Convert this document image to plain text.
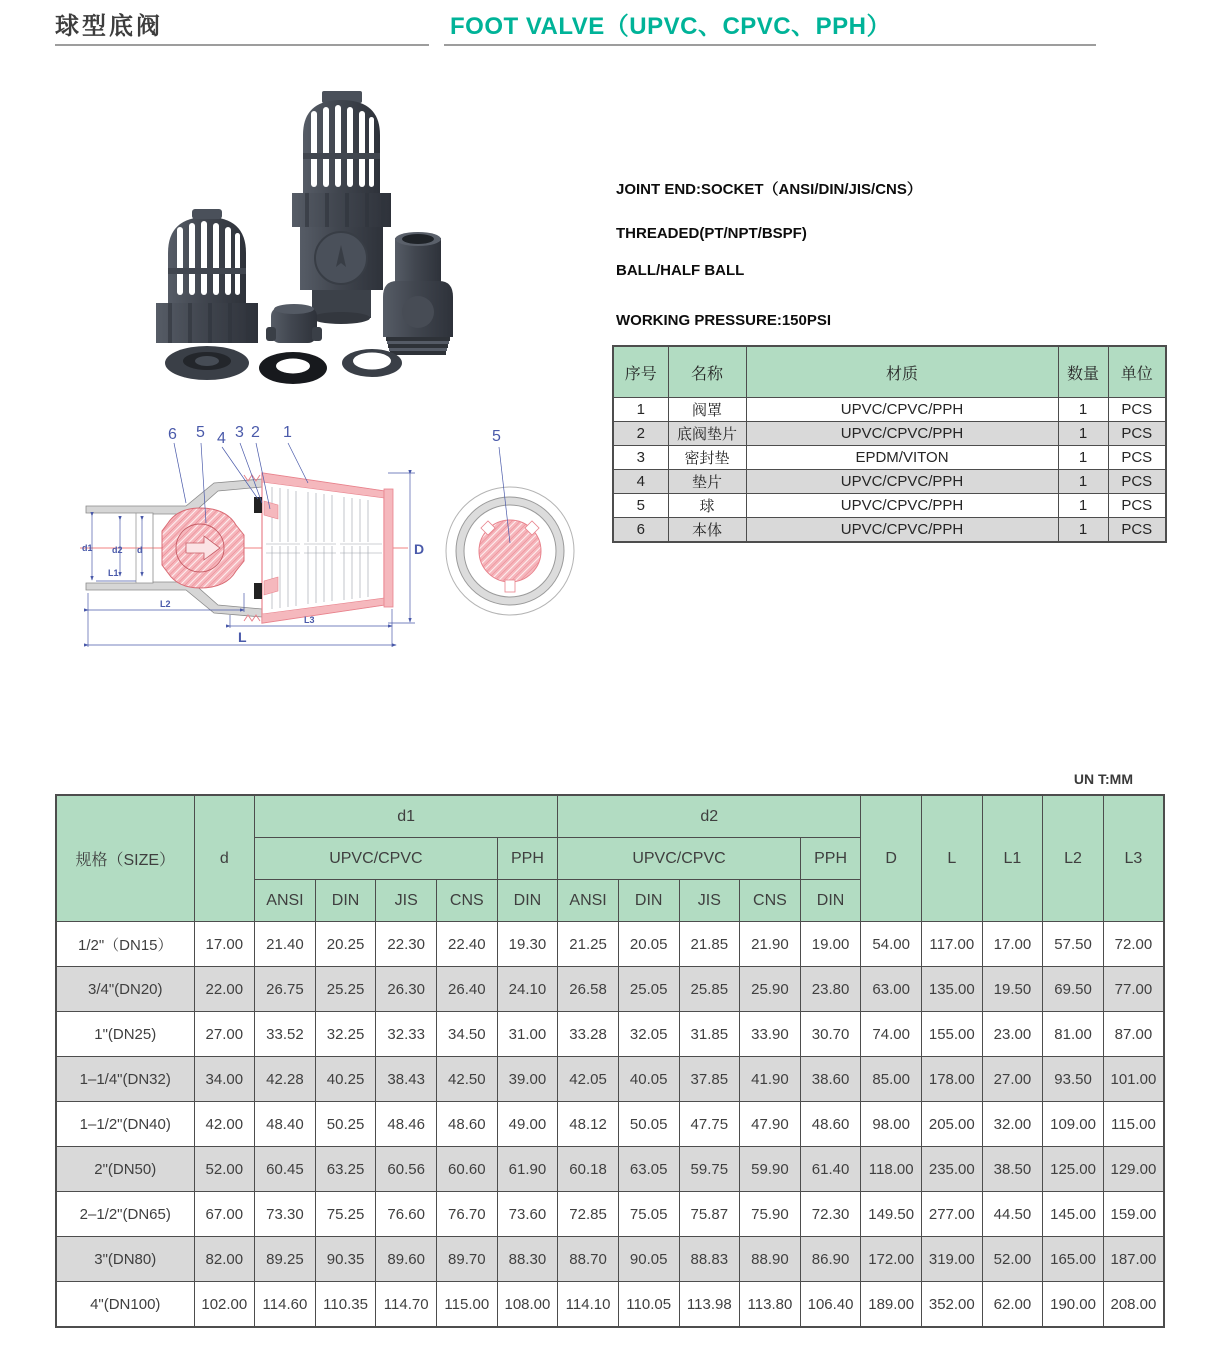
球型底阀	FOOT VALVE（UPVC、CPVC、PPH）
d1 d2 d
L1
L2
L3
L
D
6 5 4 3 2 1	5
JOINT END:SOCKET（ANSI/DIN/JIS/CNS）
THREADED(PT/NPT/BSPF)
BALL/HALF BALL
WORKING PRESSURE:150PSI
序号	名称	材质	数量	单位
1	阀罩	UPVC/CPVC/PPH	1	PCS
2	底阀垫片	UPVC/CPVC/PPH	1	PCS
3	密封垫	EPDM/VITON	1	PCS
4	垫片	UPVC/CPVC/PPH	1	PCS
5	球	UPVC/CPVC/PPH	1	PCS
6	本体	UPVC/CPVC/PPH	1	PCS
UN T:MM
规格（SIZE）	d	d1					d2					D	L	L1	L2	L3
		UPVC/CPVC				PPH	UPVC/CPVC				PPH					
		ANSI	DIN	JIS	CNS	DIN	ANSI	DIN	JIS	CNS	DIN					
1/2"（DN15）	17.00	21.40	20.25	22.30	22.40	19.30	21.25	20.05	21.85	21.90	19.00	54.00	117.00	17.00	57.50	72.00
3/4"(DN20)	22.00	26.75	25.25	26.30	26.40	24.10	26.58	25.05	25.85	25.90	23.80	63.00	135.00	19.50	69.50	77.00
1"(DN25)	27.00	33.52	32.25	32.33	34.50	31.00	33.28	32.05	31.85	33.90	30.70	74.00	155.00	23.00	81.00	87.00
1–1/4"(DN32)	34.00	42.28	40.25	38.43	42.50	39.00	42.05	40.05	37.85	41.90	38.60	85.00	178.00	27.00	93.50	101.00
1–1/2"(DN40)	42.00	48.40	50.25	48.46	48.60	49.00	48.12	50.05	47.75	47.90	48.60	98.00	205.00	32.00	109.00	115.00
2"(DN50)	52.00	60.45	63.25	60.56	60.60	61.90	60.18	63.05	59.75	59.90	61.40	118.00	235.00	38.50	125.00	129.00
2–1/2"(DN65)	67.00	73.30	75.25	76.60	76.70	73.60	72.85	75.05	75.87	75.90	72.30	149.50	277.00	44.50	145.00	159.00
3"(DN80)	82.00	89.25	90.35	89.60	89.70	88.30	88.70	90.05	88.83	88.90	86.90	172.00	319.00	52.00	165.00	187.00
4"(DN100)	102.00	114.60	110.35	114.70	115.00	108.00	114.10	110.05	113.98	113.80	106.40	189.00	352.00	62.00	190.00	208.00
